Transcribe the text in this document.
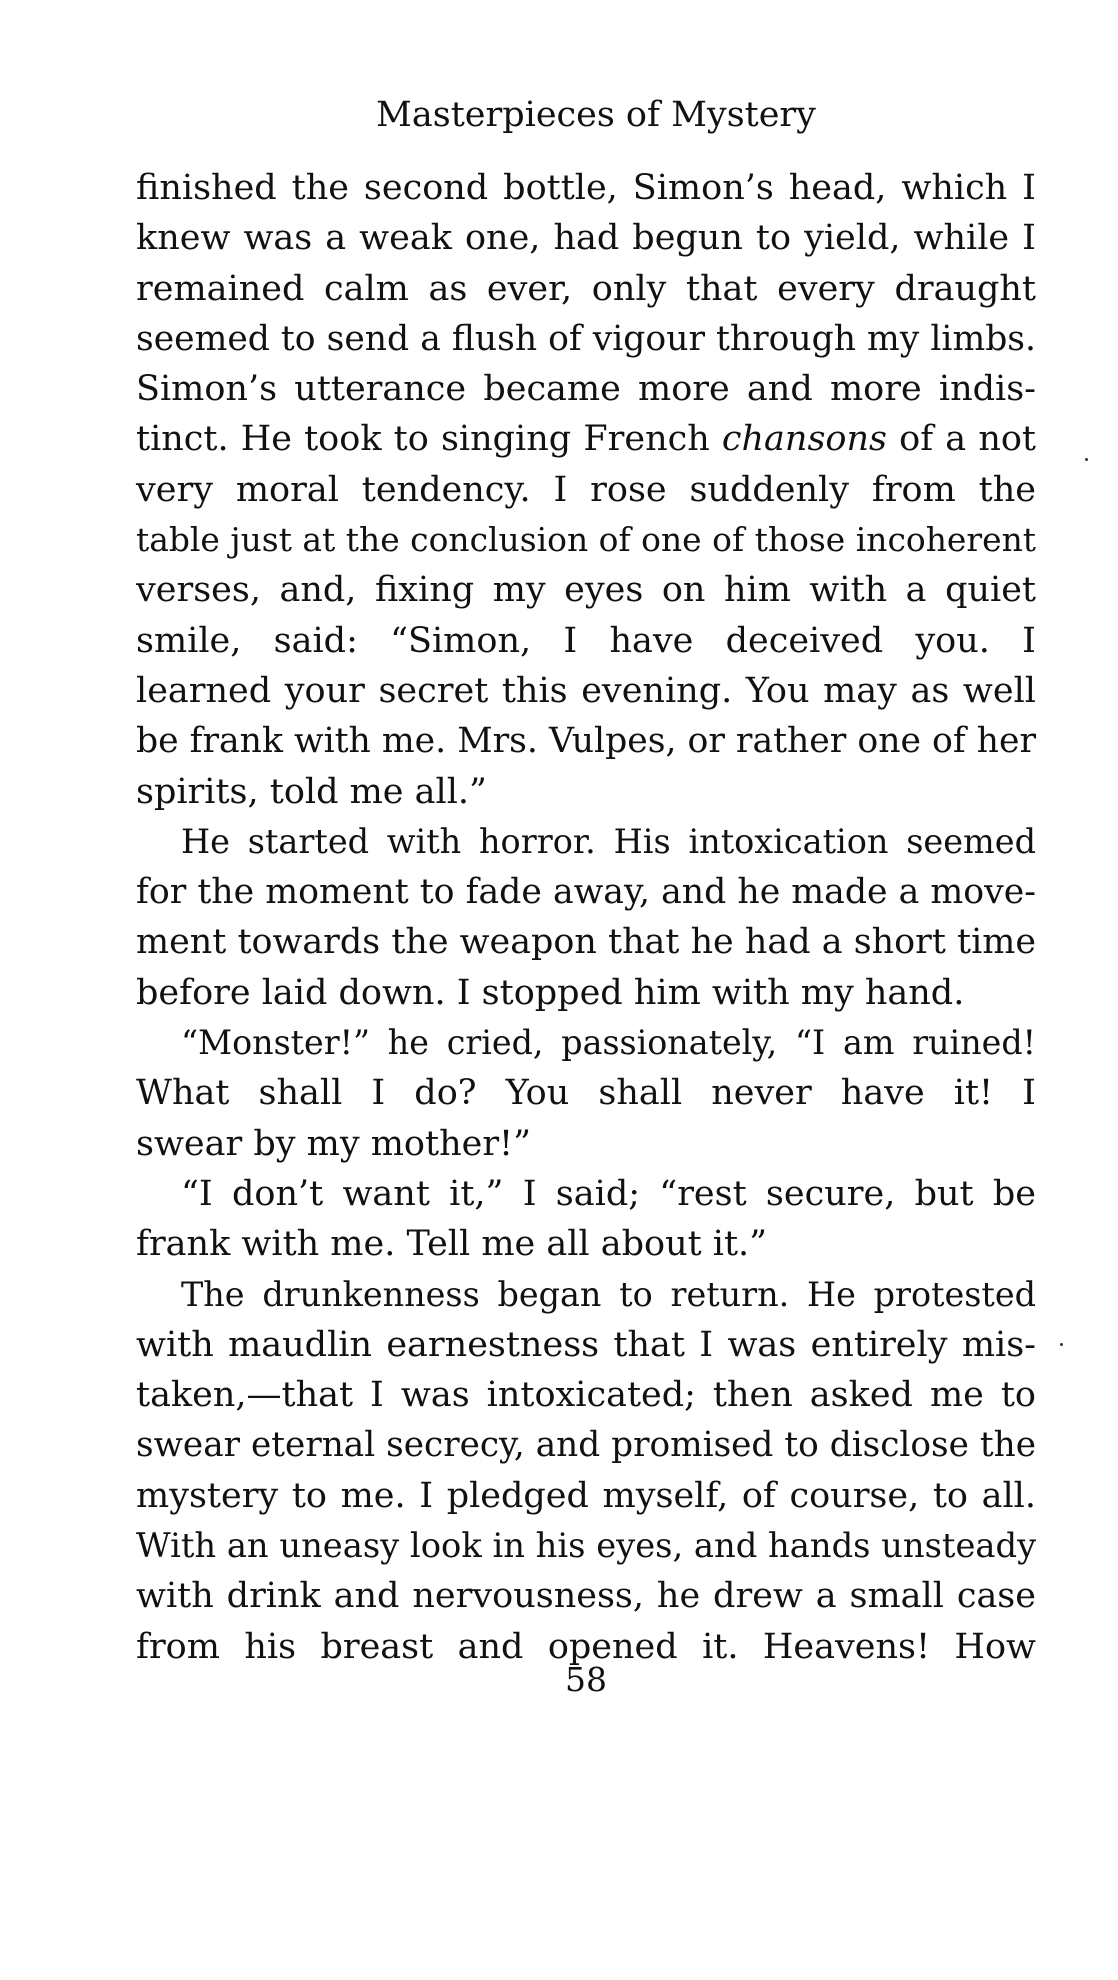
Masterpieces of Mystery
finished the second bottle, Simon’s head, which I
knew was a weak one, had begun to yield, while I
remained calm as ever, only that every draught
seemed to send a flush of vigour through my limbs.
Simon’s utterance became more and more indis-
tinct. He took to singing French chansons of a not
very moral tendency. I rose suddenly from the
table just at the conclusion of one of those incoherent
verses, and, fixing my eyes on him with a quiet
smile, said: “Simon, I have deceived you. I
learned your secret this evening. You may as well
be frank with me. Mrs. Vulpes, or rather one of her
spirits, told me all.”
He started with horror. His intoxication seemed
for the moment to fade away, and he made a move-
ment towards the weapon that he had a short time
before laid down. I stopped him with my hand.
“Monster!” he cried, passionately, “I am ruined!
What shall I do? You shall never have it! I
swear by my mother!”
“I don’t want it,” I said; “rest secure, but be
frank with me. Tell me all about it.”
The drunkenness began to return. He protested
with maudlin earnestness that I was entirely mis-
taken,—that I was intoxicated; then asked me to
swear eternal secrecy, and promised to disclose the
mystery to me. I pledged myself, of course, to all.
With an uneasy look in his eyes, and hands unsteady
with drink and nervousness, he drew a small case
from his breast and opened it. Heavens! How
58
